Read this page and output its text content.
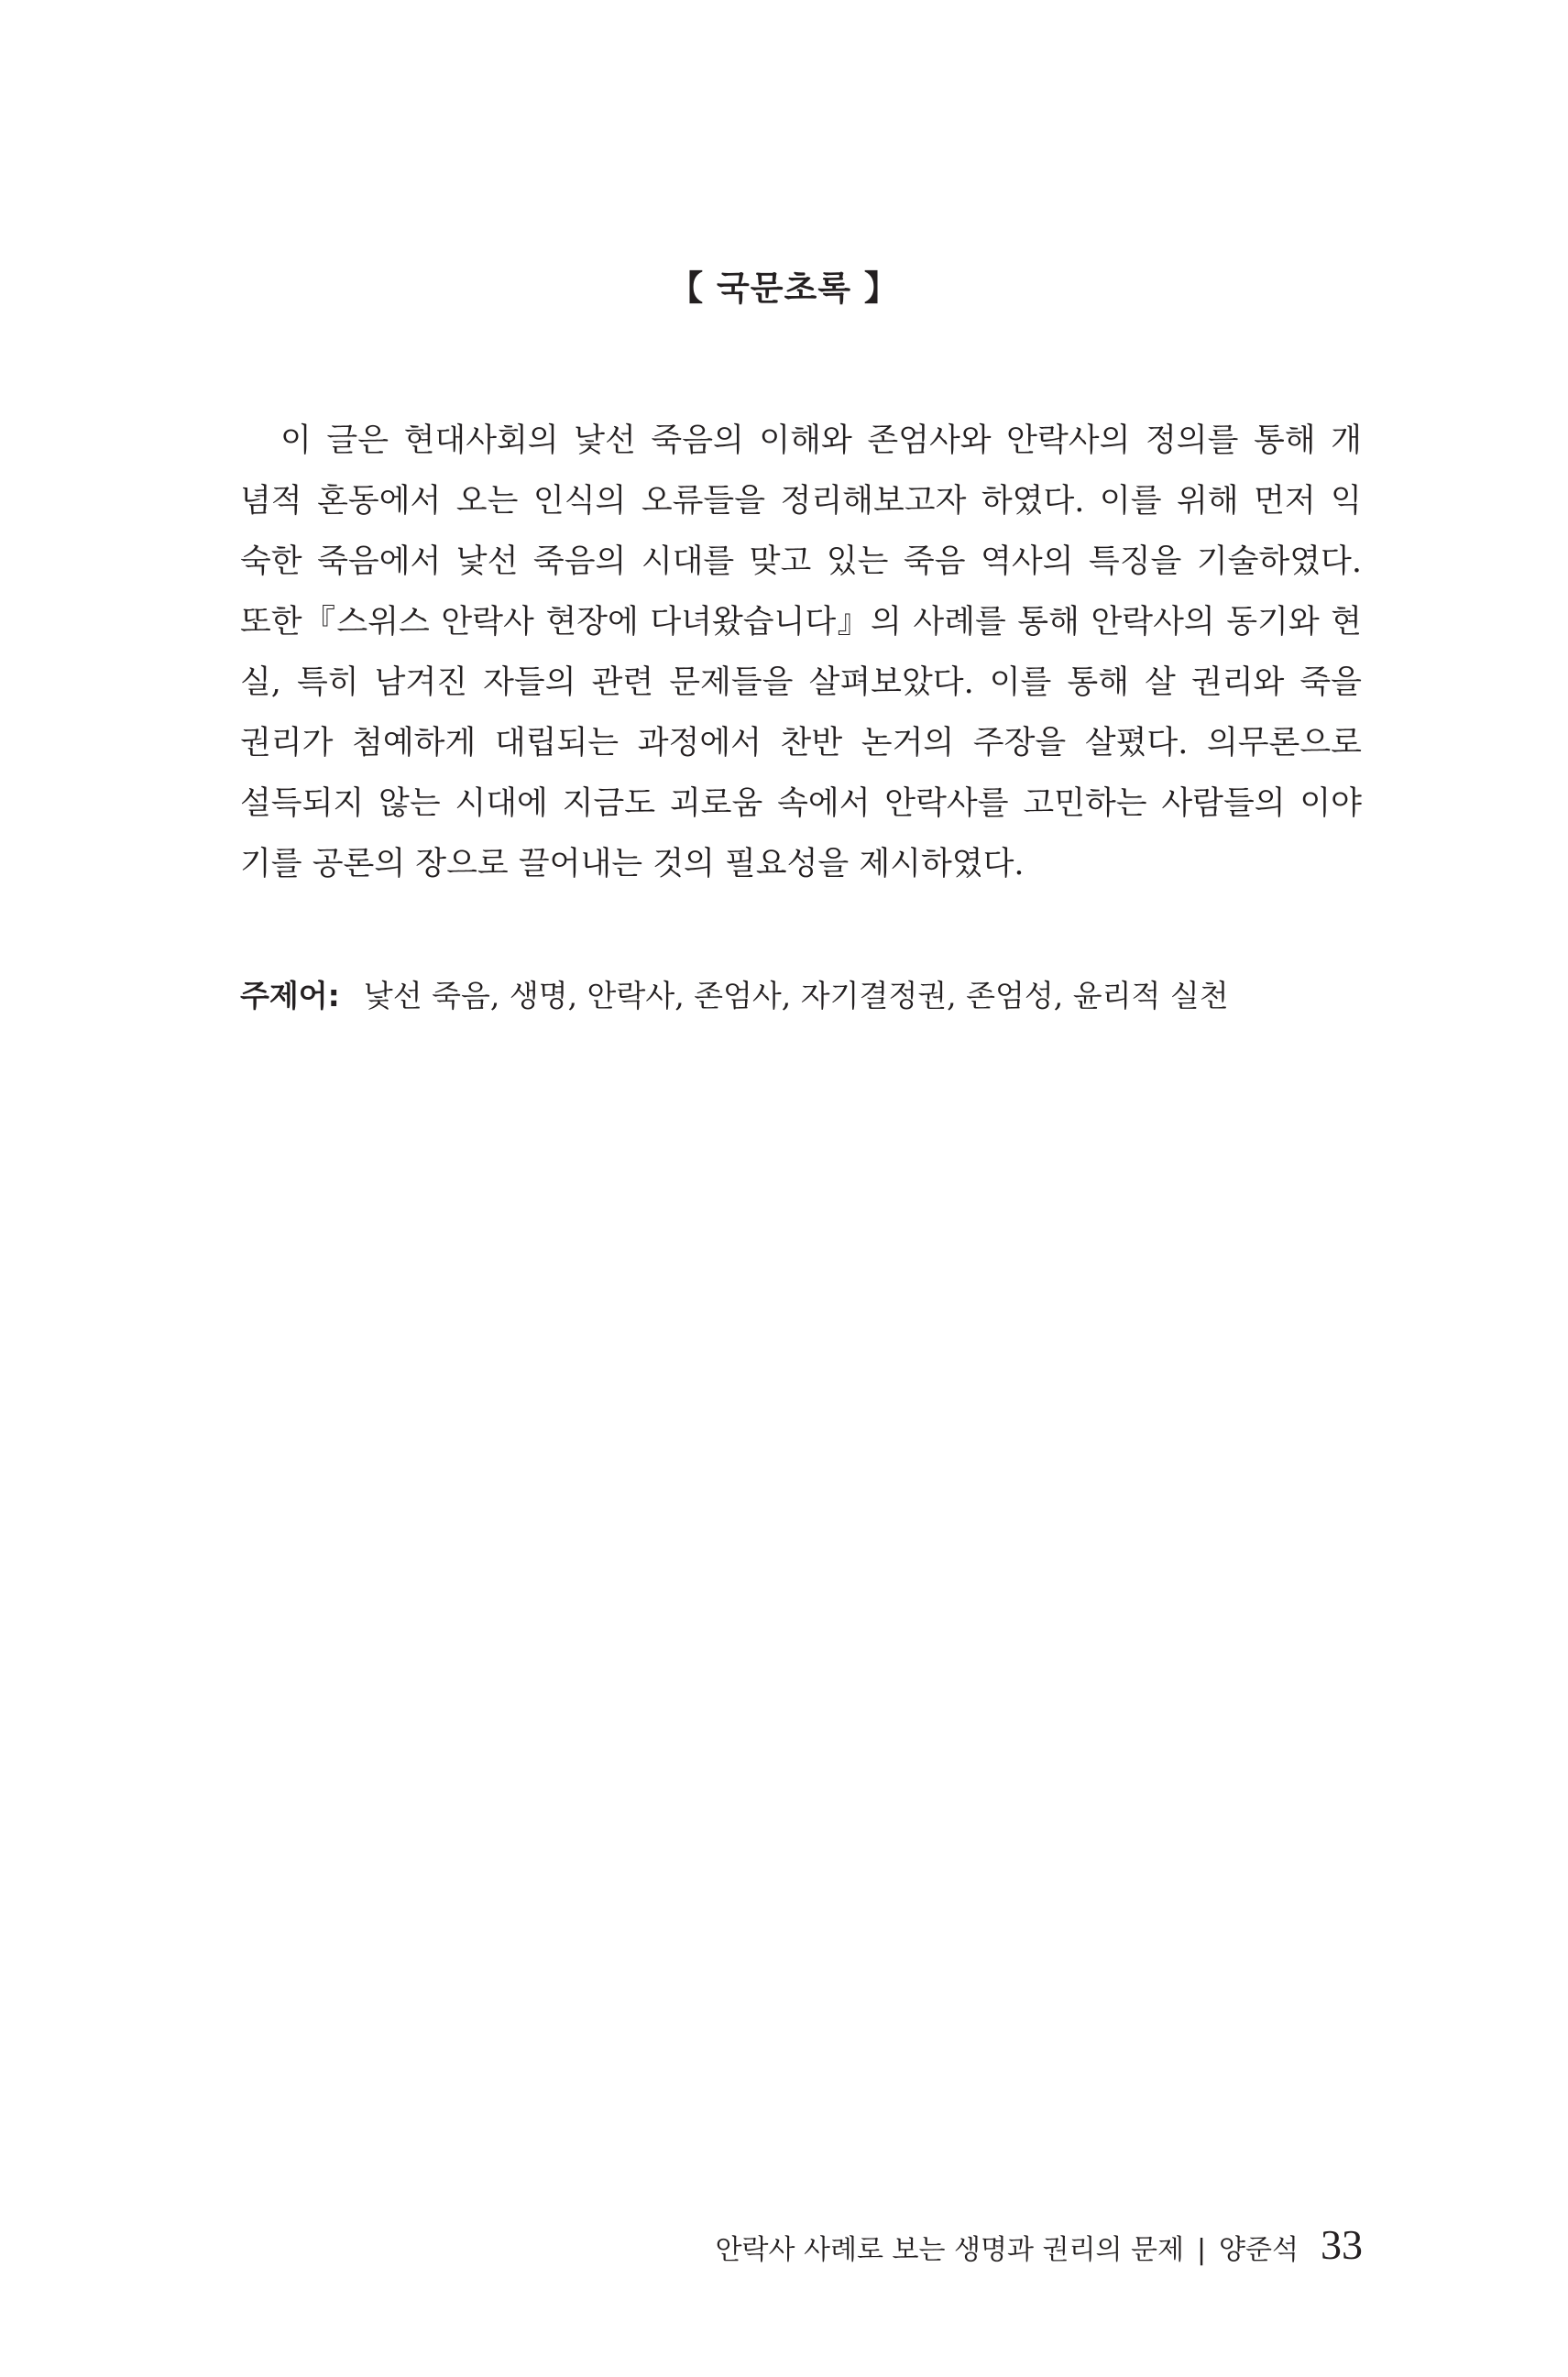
【 국문초록 】
이 글은 현대사회의 낯선 죽음의 이해와 존엄사와 안락사의 정의를 통해 개
념적 혼동에서 오는 인식의 오류들을 정리해보고자 하였다. 이를 위해 먼저 익
숙한 죽음에서 낯선 죽음의 시대를 맞고 있는 죽음 역사의 특징을 기술하였다.
또한『스위스 안락사 현장에 다녀왔습니다』의 사례를 통해 안락사의 동기와 현
실, 특히 남겨진 자들의 관련 문제들을 살펴보았다. 이를 통해 살 권리와 죽을
권리가 첨예하게 대립되는 과정에서 찬반 논거의 주장을 살폈다. 의무론으로
설득되지 않는 시대에 지금도 괴로움 속에서 안락사를 고민하는 사람들의 이야
기를 공론의 장으로 끌어내는 것의 필요성을 제시하였다.
주제어: 낯선 죽음, 생명, 안락사, 존엄사, 자기결정권, 존엄성, 윤리적 실천
안락사 사례로 보는 생명과 권리의 문제 | 양준석 33
